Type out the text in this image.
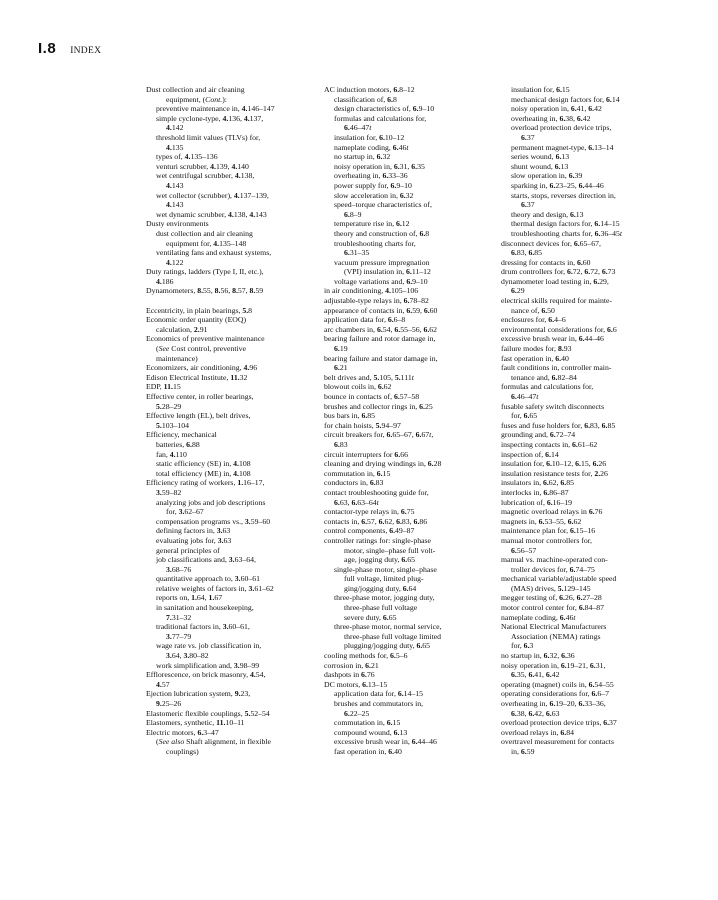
I.8 INDEX
Dust collection and air cleaning
equipment, (Cont.):
preventive maintenance in, 4.146–147
simple cyclone-type, 4.136, 4.137,
4.142
threshold limit values (TLVs) for,
4.135
types of, 4.135–136
venturi scrubber, 4.139, 4.140
wet centrifugal scrubber, 4.138,
4.143
wet collector (scrubber), 4.137–139,
4.143
wet dynamic scrubber, 4.138, 4.143
Dusty environments
dust collection and air cleaning
equipment for, 4.135–148
ventilating fans and exhaust systems,
4.122
Duty ratings, ladders (Type I, II, etc.),
4.186
Dynamometers, 8.55, 8.56, 8.57, 8.59
Eccentricity, in plain bearings, 5.8
Economic order quantity (EOQ)
calculation, 2.91
Economics of preventive maintenance
(See Cost control, preventive
maintenance)
Economizers, air conditioning, 4.96
Edison Electrical Institute, 11.32
EDP, 11.15
Effective center, in roller bearings,
5.28–29
Effective length (EL), belt drives,
5.103–104
Efficiency, mechanical
batteries, 6.88
fan, 4.110
static efficiency (SE) in, 4.108
total efficiency (ME) in, 4.108
Efficiency rating of workers, 1.16–17,
3.59–82
analyzing jobs and job descriptions
for, 3.62–67
compensation programs vs., 3.59–60
defining factors in, 3.63
evaluating jobs for, 3.63
general principles of
job classifications and, 3.63–64,
3.68–76
quantitative approach to, 3.60–61
relative weights of factors in, 3.61–62
reports on, 1.64, 1.67
in sanitation and housekeeping,
7.31–32
traditional factors in, 3.60–61,
3.77–79
wage rate vs. job classification in,
3.64, 3.80–82
work simplification and, 3.98–99
Efflorescence, on brick masonry, 4.54,
4.57
Ejection lubrication system, 9.23,
9.25–26
Elastomeric flexible couplings, 5.52–54
Elastomers, synthetic, 11.10–11
Electric motors, 6.3–47
(See also Shaft alignment, in flexible
couplings)
AC induction motors, 6.8–12
classification of, 6.8
design characteristics of, 6.9–10
formulas and calculations for,
6.46–47t
insulation for, 6.10–12
nameplate coding, 6.46t
no startup in, 6.32
noisy operation in, 6.31, 6.35
overheating in, 6.33–36
power supply for, 6.9–10
slow acceleration in, 6.32
speed–torque characteristics of,
6.8–9
temperature rise in, 6.12
theory and construction of, 6.8
troubleshooting charts for,
6.31–35
vacuum pressure impregnation
(VPI) insulation in, 6.11–12
voltage variations and, 6.9–10
in air conditioning, 4.105–106
adjustable-type relays in, 6.78–82
appearance of contacts in, 6.59, 6.60
application data for, 6.6–8
arc chambers in, 6.54, 6.55–56, 6.62
bearing failure and rotor damage in,
6.19
bearing failure and stator damage in,
6.21
belt drives and, 5.105, 5.111t
blowout coils in, 6.62
bounce in contacts of, 6.57–58
brushes and collector rings in, 6.25
bus bars in, 6.85
for chain hoists, 5.94–97
circuit breakers for, 6.65–67, 6.67t,
6.83
circuit interrupters for 6.66
cleaning and drying windings in, 6.28
commutation in, 6.15
conductors in, 6.83
contact troubleshooting guide for,
6.63, 6.63–64t
contactor-type relays in, 6.75
contacts in, 6.57, 6.62, 6.83, 6.86
control components, 6.49–87
controller ratings for: single-phase
motor, single–phase full volt-
age, jogging duty, 6.65
single-phase motor, single–phase
full voltage, limited plug-
ging/jogging duty, 6.64
three-phase motor, jogging duty,
three-phase full voltage
severe duty, 6.65
three-phase motor, normal service,
three-phase full voltage limited
plugging/jogging duty, 6.65
cooling methods for, 6.5–6
corrosion in, 6.21
dashpots in 6.76
DC motors, 6.13–15
application data for, 6.14–15
brushes and commutators in,
6.22–25
commutation in, 6.15
compound wound, 6.13
excessive brush wear in, 6.44–46
fast operation in, 6.40
insulation for, 6.15
mechanical design factors for, 6.14
noisy operation in, 6.41, 6.42
overheating in, 6.38, 6.42
overload protection device trips,
6.37
permanent magnet-type, 6.13–14
series wound, 6.13
shunt wound, 6.13
slow operation in, 6.39
sparking in, 6.23–25, 6.44–46
starts, stops, reverses direction in,
6.37
theory and design, 6.13
thermal design factors for, 6.14–15
troubleshooting charts for, 6.36–45t
disconnect devices for, 6.65–67,
6.83, 6.85
dressing for contacts in, 6.60
drum controllers for, 6.72, 6.72, 6.73
dynamometer load testing in, 6.29,
6.29
electrical skills required for mainte-
nance of, 6.50
enclosures for, 6.4–6
environmental considerations for, 6.6
excessive brush wear in, 6.44–46
failure modes for, 8.93
fast operation in, 6.40
fault conditions in, controller main-
tenance and, 6.82–84
formulas and calculations for,
6.46–47t
fusable safety switch disconnects
for, 6.65
fuses and fuse holders for, 6.83, 6.85
grounding and, 6.72–74
inspecting contacts in, 6.61–62
inspection of, 6.14
insulation for, 6.10–12, 6.15, 6.26
insulation resistance tests for, 2.26
insulators in, 6.62, 6.85
interlocks in, 6.86–87
lubrication of, 6.16–19
magnetic overload relays in 6.76
magnets in, 6.53–55, 6.62
maintenance plan for, 6.15–16
manual motor controllers for,
6.56–57
manual vs. machine-operated con-
troller devices for, 6.74–75
mechanical variable/adjustable speed
(MAS) drives, 5.129–145
megger testing of, 6.26, 6.27–28
motor control center for, 6.84–87
nameplate coding, 6.46t
National Electrical Manufacturers
Association (NEMA) ratings
for, 6.3
no startup in, 6.32, 6.36
noisy operation in, 6.19–21, 6.31,
6.35, 6.41, 6.42
operating (magnet) coils in, 6.54–55
operating considerations for, 6.6–7
overheating in, 6.19–20, 6.33–36,
6.38, 6.42, 6.63
overload protection device trips, 6.37
overload relays in, 6.84
overtravel measurement for contacts
in, 6.59
